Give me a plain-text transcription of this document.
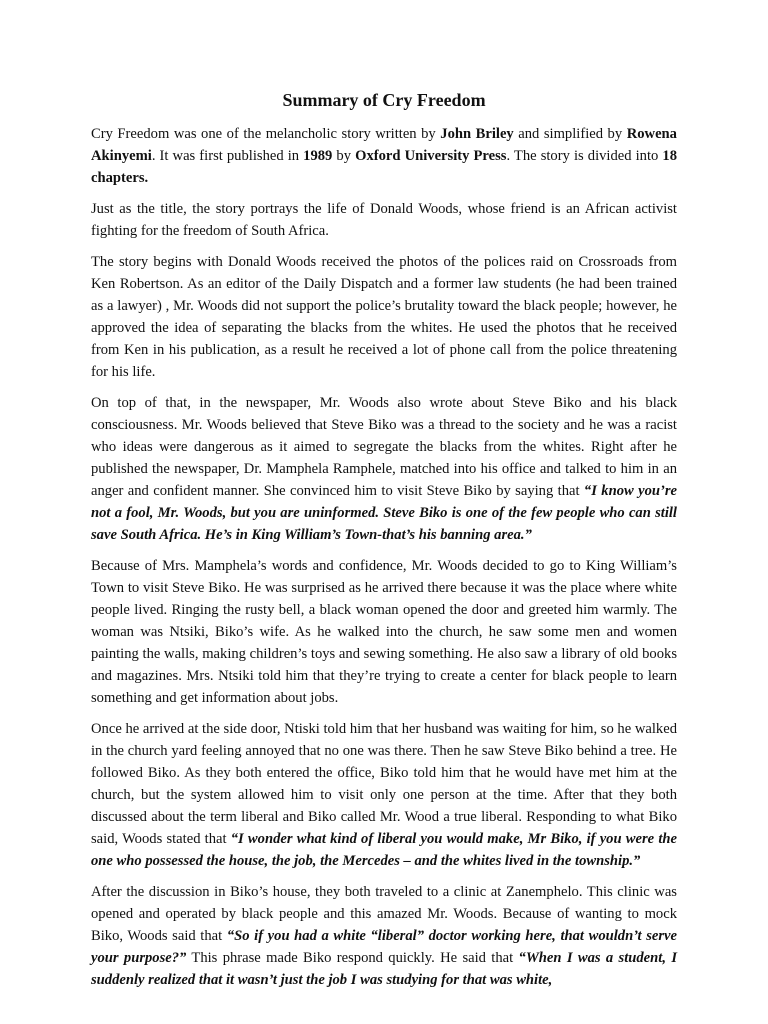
Summary of Cry Freedom

Cry Freedom was one of the melancholic story written by John Briley and simplified by Rowena Akinyemi. It was first published in 1989 by Oxford University Press. The story is divided into 18 chapters.

Just as the title, the story portrays the life of Donald Woods, whose friend is an African activist fighting for the freedom of South Africa.

The story begins with Donald Woods received the photos of the polices raid on Crossroads from Ken Robertson. As an editor of the Daily Dispatch and a former law students (he had been trained as a lawyer) , Mr. Woods did not support the police’s brutality toward the black people; however, he approved the idea of separating the blacks from the whites. He used the photos that he received from Ken in his publication, as a result he received a lot of phone call from the police threatening for his life.

On top of that, in the newspaper, Mr. Woods also wrote about Steve Biko and his black consciousness. Mr. Woods believed that Steve Biko was a thread to the society and he was a racist who ideas were dangerous as it aimed to segregate the blacks from the whites. Right after he published the newspaper, Dr. Mamphela Ramphele, matched into his office and talked to him in an anger and confident manner. She convinced him to visit Steve Biko by saying that “I know you’re not a fool, Mr. Woods, but you are uninformed. Steve Biko is one of the few people who can still save South Africa. He’s in King William’s Town-that’s his banning area.”

Because of Mrs. Mamphela’s words and confidence, Mr. Woods decided to go to King William’s Town to visit Steve Biko. He was surprised as he arrived there because it was the place where white people lived. Ringing the rusty bell, a black woman opened the door and greeted him warmly. The woman was Ntsiki, Biko’s wife. As he walked into the church, he saw some men and women painting the walls, making children’s toys and sewing something. He also saw a library of old books and magazines. Mrs. Ntsiki told him that they’re trying to create a center for black people to learn something and get information about jobs.

Once he arrived at the side door, Ntiski told him that her husband was waiting for him, so he walked in the church yard feeling annoyed that no one was there. Then he saw Steve Biko behind a tree. He followed Biko. As they both entered the office, Biko told him that he would have met him at the church, but the system allowed him to visit only one person at the time. After that they both discussed about the term liberal and Biko called Mr. Wood a true liberal. Responding to what Biko said, Woods stated that “I wonder what kind of liberal you would make, Mr Biko, if you were the one who possessed the house, the job, the Mercedes – and the whites lived in the township.”

After the discussion in Biko’s house, they both traveled to a clinic at Zanemphelo. This clinic was opened and operated by black people and this amazed Mr. Woods. Because of wanting to mock Biko, Woods said that “So if you had a white “liberal” doctor working here, that wouldn’t serve your purpose?” This phrase made Biko respond quickly. He said that “When I was a student, I suddenly realized that it wasn’t just the job I was studying for that was white,
